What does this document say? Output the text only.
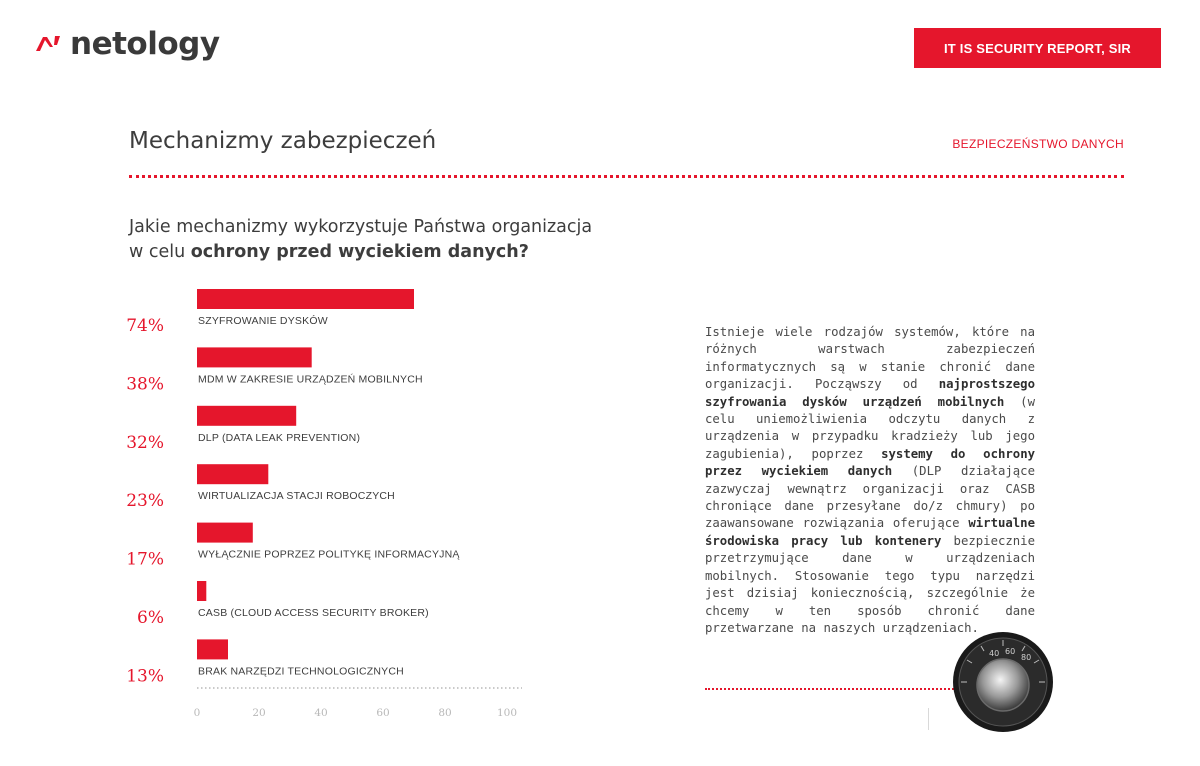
netology	IT IS SECURITY REPORT, SIR
Mechanizmy zabezpieczeń	BEZPIECZEŃSTWO DANYCH
Jakie mechanizmy wykorzystuje Państwa organizacja w celu ochrony przed wyciekiem danych?
SZYFROWANIE DYSKÓW
74%
MDM W ZAKRESIE URZĄDZEŃ MOBILNYCH
38%
DLP (DATA LEAK PREVENTION)
32%
WIRTUALIZACJA STACJI ROBOCZYCH
23%
WYŁĄCZNIE POPRZEZ POLITYKĘ INFORMACYJNĄ
17%
CASB (CLOUD ACCESS SECURITY BROKER)
6%
BRAK NARZĘDZI TECHNOLOGICZNYCH
13%
0	20	40	60	80	100
Istnieje wiele rodzajów systemów, które na różnych warstwach zabezpieczeń informatycznych są w stanie chronić dane organizacji. Począwszy od najprostszego szyfrowania dysków urządzeń mobilnych (w celu uniemożliwienia odczytu danych z urządzenia w przypadku kradzieży lub jego zagubienia), poprzez systemy do ochrony przez wyciekiem danych (DLP działające zazwyczaj wewnątrz organizacji oraz CASB chroniące dane przesyłane do/z chmury) po zaawansowane rozwiązania oferujące wirtualne środowiska pracy lub kontenery bezpiecznie przetrzymujące dane w urządzeniach mobilnych. Stosowanie tego typu narzędzi jest dzisiaj koniecznością, szczególnie że chcemy w ten sposób chronić dane przetwarzane na naszych urządzeniach.
40 60
80
